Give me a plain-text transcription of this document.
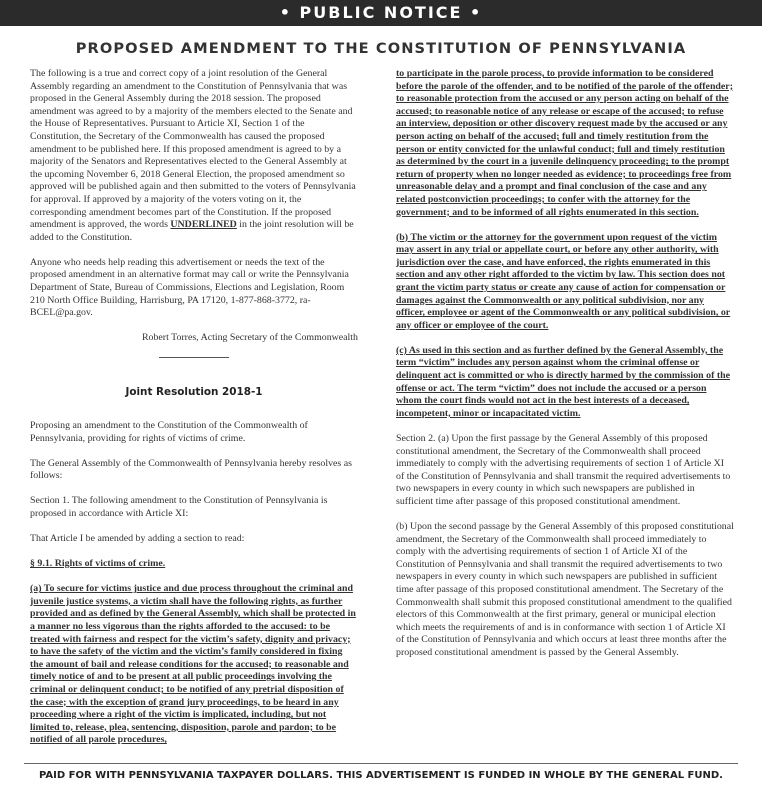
• PUBLIC NOTICE •
PROPOSED AMENDMENT TO THE CONSTITUTION OF PENNSYLVANIA

The following is a true and correct copy of a joint resolution of the General Assembly regarding an amendment to the Constitution of Pennsylvania that was proposed in the General Assembly during the 2018 session. The proposed amendment was agreed to by a majority of the members elected to the Senate and the House of Representatives. Pursuant to Article XI, Section 1 of the Constitution, the Secretary of the Commonwealth has caused the proposed amendment to be published here. If this proposed amendment is agreed to by a majority of the Senators and Representatives elected to the General Assembly at the upcoming November 6, 2018 General Election, the proposed amendment so approved will be published again and then submitted to the voters of Pennsylvania for approval. If approved by a majority of the voters voting on it, the corresponding amendment becomes part of the Constitution. If the proposed amendment is approved, the words UNDERLINED in the joint resolution will be added to the Constitution.

Anyone who needs help reading this advertisement or needs the text of the proposed amendment in an alternative format may call or write the Pennsylvania Department of State, Bureau of Commissions, Elections and Legislation, Room 210 North Office Building, Harrisburg, PA 17120, 1-877-868-3772, ra-BCEL@pa.gov.

Robert Torres, Acting Secretary of the Commonwealth

Joint Resolution 2018-1

Proposing an amendment to the Constitution of the Commonwealth of Pennsylvania, providing for rights of victims of crime.

The General Assembly of the Commonwealth of Pennsylvania hereby resolves as follows:

Section 1. The following amendment to the Constitution of Pennsylvania is proposed in accordance with Article XI:

That Article I be amended by adding a section to read:

§ 9.1. Rights of victims of crime.

(a) To secure for victims justice and due process throughout the criminal and juvenile justice systems, a victim shall have the following rights, as further provided and as defined by the General Assembly, which shall be protected in a manner no less vigorous than the rights afforded to the accused: to be treated with fairness and respect for the victim’s safety, dignity and privacy; to have the safety of the victim and the victim’s family considered in fixing the amount of bail and release conditions for the accused; to reasonable and timely notice of and to be present at all public proceedings involving the criminal or delinquent conduct; to be notified of any pretrial disposition of the case; with the exception of grand jury proceedings, to be heard in any proceeding where a right of the victim is implicated, including, but not limited to, release, plea, sentencing, disposition, parole and pardon; to be notified of all parole procedures,

to participate in the parole process, to provide information to be considered before the parole of the offender, and to be notified of the parole of the offender; to reasonable protection from the accused or any person acting on behalf of the accused; to reasonable notice of any release or escape of the accused; to refuse an interview, deposition or other discovery request made by the accused or any person acting on behalf of the accused; full and timely restitution from the person or entity convicted for the unlawful conduct; full and timely restitution as determined by the court in a juvenile delinquency proceeding; to the prompt return of property when no longer needed as evidence; to proceedings free from unreasonable delay and a prompt and final conclusion of the case and any related postconviction proceedings; to confer with the attorney for the government; and to be informed of all rights enumerated in this section.

(b) The victim or the attorney for the government upon request of the victim may assert in any trial or appellate court, or before any other authority, with jurisdiction over the case, and have enforced, the rights enumerated in this section and any other right afforded to the victim by law. This section does not grant the victim party status or create any cause of action for compensation or damages against the Commonwealth or any political subdivision, nor any officer, employee or agent of the Commonwealth or any political subdivision, or any officer or employee of the court.

(c) As used in this section and as further defined by the General Assembly, the term “victim” includes any person against whom the criminal offense or delinquent act is committed or who is directly harmed by the commission of the offense or act. The term “victim” does not include the accused or a person whom the court finds would not act in the best interests of a deceased, incompetent, minor or incapacitated victim.

Section 2. (a) Upon the first passage by the General Assembly of this proposed constitutional amendment, the Secretary of the Commonwealth shall proceed immediately to comply with the advertising requirements of section 1 of Article XI of the Constitution of Pennsylvania and shall transmit the required advertisements to two newspapers in every county in which such newspapers are published in sufficient time after passage of this proposed constitutional amendment.

(b) Upon the second passage by the General Assembly of this proposed constitutional amendment, the Secretary of the Commonwealth shall proceed immediately to comply with the advertising requirements of section 1 of Article XI of the Constitution of Pennsylvania and shall transmit the required advertisements to two newspapers in every county in which such newspapers are published in sufficient time after passage of this proposed constitutional amendment. The Secretary of the Commonwealth shall submit this proposed constitutional amendment to the qualified electors of this Commonwealth at the first primary, general or municipal election which meets the requirements of and is in conformance with section 1 of Article XI of the Constitution of Pennsylvania and which occurs at least three months after the proposed constitutional amendment is passed by the General Assembly.

PAID FOR WITH PENNSYLVANIA TAXPAYER DOLLARS. THIS ADVERTISEMENT IS FUNDED IN WHOLE BY THE GENERAL FUND.
